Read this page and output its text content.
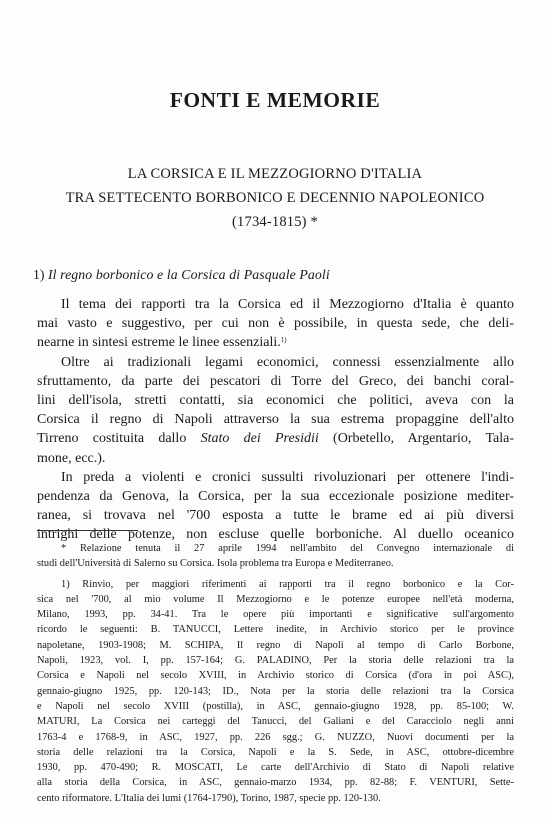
FONTI E MEMORIE
LA CORSICA E IL MEZZOGIORNO D'ITALIA
TRA SETTECENTO BORBONICO E DECENNIO NAPOLEONICO
(1734-1815) *
1) Il regno borbonico e la Corsica di Pasquale Paoli
Il tema dei rapporti tra la Corsica ed il Mezzogiorno d'Italia è quanto
mai vasto e suggestivo, per cui non è possibile, in questa sede, che deli-
nearne in sintesi estreme le linee essenziali.$^{1)}$
Oltre ai tradizionali legami economici, connessi essenzialmente allo
sfruttamento, da parte dei pescatori di Torre del Greco, dei banchi coral-
lini dell'isola, stretti contatti, sia economici che politici, aveva con la
Corsica il regno di Napoli attraverso la sua estrema propaggine dell'alto
Tirreno costituita dallo Stato dei Presidii (Orbetello, Argentario, Tala-
mone, ecc.).
In preda a violenti e cronici sussulti rivoluzionari per ottenere l'indi-
pendenza da Genova, la Corsica, per la sua eccezionale posizione mediter-
ranea, si trovava nel '700 esposta a tutte le brame ed ai più diversi
intrighi delle potenze, non escluse quelle borboniche. Al duello oceanico
* Relazione tenuta il 27 aprile 1994 nell'ambito del Convegno internazionale di
studi dell'Università di Salerno su Corsica. Isola problema tra Europa e Mediterraneo.
1) Rinvio, per maggiori riferimenti ai rapporti tra il regno borbonico e la Cor-
sica nel '700, al mio volume Il Mezzogiorno e le potenze europee nell'età moderna,
Milano, 1993, pp. 34-41. Tra le opere più importanti e significative sull'argomento
ricordo le seguenti: B. TANUCCI, Lettere inedite, in Archivio storico per le province
napoletane, 1903-1908; M. SCHIPA, Il regno di Napoli al tempo di Carlo Borbone,
Napoli, 1923, vol. I, pp. 157-164; G. PALADINO, Per la storia delle relazioni tra la
Corsica e Napoli nel secolo XVIII, in Archivio storico di Corsica (d'ora in poi ASC),
gennaio-giugno 1925, pp. 120-143; ID., Nota per la storia delle relazioni tra la Corsica
e Napoli nel secolo XVIII (postilla), in ASC, gennaio-giugno 1928, pp. 85-100; W.
MATURI, La Corsica nei carteggi del Tanucci, del Galiani e del Caracciolo negli anni
1763-4 e 1768-9, in ASC, 1927, pp. 226 sgg.; G. NUZZO, Nuovi documenti per la
storia delle relazioni tra la Corsica, Napoli e la S. Sede, in ASC, ottobre-dicembre
1930, pp. 470-490; R. MOSCATI, Le carte dell'Archivio di Stato di Napoli relative
alla storia della Corsica, in ASC, gennaio-marzo 1934, pp. 82-88; F. VENTURI, Sette-
cento riformatore. L'Italia dei lumi (1764-1790), Torino, 1987, specie pp. 120-130.
